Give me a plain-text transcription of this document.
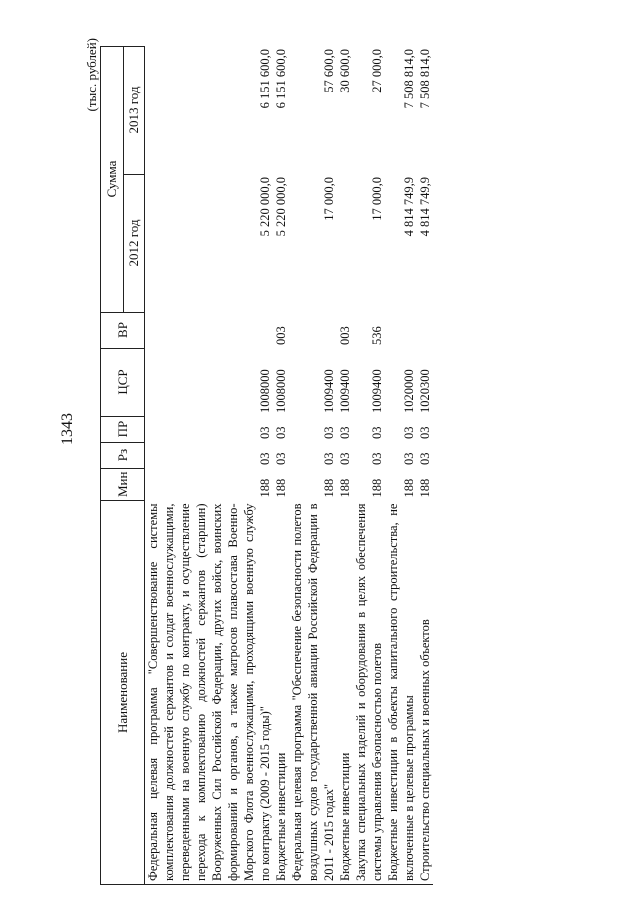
1343
(тыс. рублей)
Наименование	Мин	Рз	ПР	ЦСР	ВР	Сумма	
						2012 год	2013 год
Федеральная целевая программа "Совершенствование системы комплектования должностей сержантов и солдат военнослужащими, переведенными на военную службу по контракту, и осуществление перехода к комплектованию должностей сержантов (старшин) Вооруженных Сил Российской Федерации, других войск, воинских формирований и органов, а также матросов плавсостава Военно-Морского Флота военнослужащими, проходящими военную службу по контракту (2009 - 2015 годы)"	188	03	03	1008000		5 220 000,0	6 151 600,0
Бюджетные инвестиции	188	03	03	1008000	003	5 220 000,0	6 151 600,0
Федеральная целевая программа "Обеспечение безопасности полетов воздушных судов государственной авиации Российской Федерации в 2011 - 2015 годах"	188	03	03	1009400		17 000,0	57 600,0
Бюджетные инвестиции	188	03	03	1009400	003		30 600,0
Закупка специальных изделий и оборудования в целях обеспечения системы управления безопасностью полетов	188	03	03	1009400	536	17 000,0	27 000,0
Бюджетные инвестиции в объекты капитального строительства, не включенные в целевые программы	188	03	03	1020000		4 814 749,9	7 508 814,0
Строительство специальных и военных объектов	188	03	03	1020300		4 814 749,9	7 508 814,0
